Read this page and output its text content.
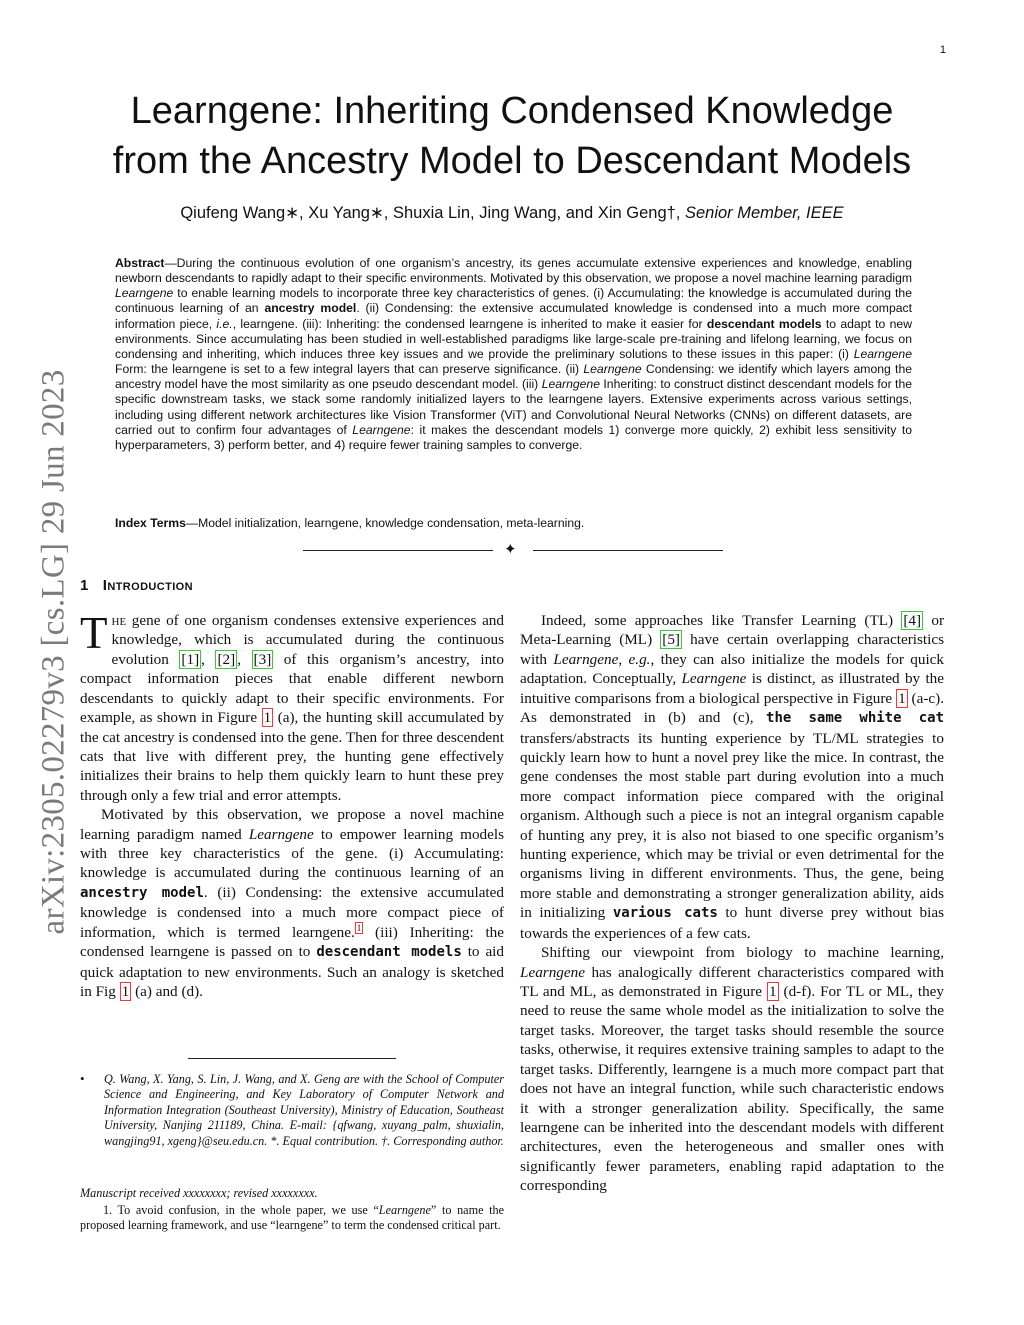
1
arXiv:2305.02279v3 [cs.LG] 29 Jun 2023
Learngene: Inheriting Condensed Knowledge
from the Ancestry Model to Descendant Models
Qiufeng Wang∗, Xu Yang∗, Shuxia Lin, Jing Wang, and Xin Geng†, Senior Member, IEEE

Abstract—During the continuous evolution of one organism’s ancestry, its genes accumulate extensive experiences and knowledge, enabling newborn descendants to rapidly adapt to their specific environments. Motivated by this observation, we propose a novel machine learning paradigm Learngene to enable learning models to incorporate three key characteristics of genes. (i) Accumulating: the knowledge is accumulated during the continuous learning of an ancestry model. (ii) Condensing: the extensive accumulated knowledge is condensed into a much more compact information piece, i.e., learngene. (iii): Inheriting: the condensed learngene is inherited to make it easier for descendant models to adapt to new environments. Since accumulating has been studied in well-established paradigms like large-scale pre-training and lifelong learning, we focus on condensing and inheriting, which induces three key issues and we provide the preliminary solutions to these issues in this paper: (i) Learngene Form: the learngene is set to a few integral layers that can preserve significance. (ii) Learngene Condensing: we identify which layers among the ancestry model have the most similarity as one pseudo descendant model. (iii) Learngene Inheriting: to construct distinct descendant models for the specific downstream tasks, we stack some randomly initialized layers to the learngene layers. Extensive experiments across various settings, including using different network architectures like Vision Transformer (ViT) and Convolutional Neural Networks (CNNs) on different datasets, are carried out to confirm four advantages of Learngene: it makes the descendant models 1) converge more quickly, 2) exhibit less sensitivity to hyperparameters, 3) perform better, and 4) require fewer training samples to converge.

Index Terms—Model initialization, learngene, knowledge condensation, meta-learning.

✦
1 Introduction

The gene of one organism condenses extensive experiences and knowledge, which is accumulated during the continuous evolution [1] , [2] , [3] of this organism’s ancestry, into compact information pieces that enable different newborn descendants to quickly adapt to their specific environments. For example, as shown in Figure 1 (a), the hunting skill accumulated by the cat ancestry is condensed into the gene. Then for three descendent cats that live with different prey, the hunting gene effectively initializes their brains to help them quickly learn to hunt these prey through only a few trial and error attempts.

Motivated by this observation, we propose a novel machine learning paradigm named Learngene to empower learning models with three key characteristics of the gene. (i) Accumulating: knowledge is accumulated during the continuous learning of an ancestry model. (ii) Condensing: the extensive accumulated knowledge is condensed into a much more compact piece of information, which is termed learngene. $^1$ (iii) Inheriting: the condensed learngene is passed on to descendant models to aid quick adaptation to new environments. Such an analogy is sketched in Fig 1 (a) and (d).

Indeed, some approaches like Transfer Learning (TL) [4] or Meta-Learning (ML) [5] have certain overlapping characteristics with Learngene, e.g., they can also initialize the models for quick adaptation. Conceptually, Learngene is distinct, as illustrated by the intuitive comparisons from a biological perspective in Figure 1 (a-c). As demonstrated in (b) and (c), the same white cat transfers/abstracts its hunting experience by TL/ML strategies to quickly learn how to hunt a novel prey like the mice. In contrast, the gene condenses the most stable part during evolution into a much more compact information piece compared with the original organism. Although such a piece is not an integral organism capable of hunting any prey, it is also not biased to one specific organism’s hunting experience, which may be trivial or even detrimental for the organisms living in different environments. Thus, the gene, being more stable and demonstrating a stronger generalization ability, aids in initializing various cats to hunt diverse prey without bias towards the experiences of a few cats.

Shifting our viewpoint from biology to machine learning, Learngene has analogically different characteristics compared with TL and ML, as demonstrated in Figure 1 (d-f). For TL or ML, they need to reuse the same whole model as the initialization to solve the target tasks. Moreover, the target tasks should resemble the source tasks, otherwise, it requires extensive training samples to adapt to the target tasks. Differently, learngene is a much more compact part that does not have an integral function, while such characteristic endows it with a stronger generalization ability. Specifically, the same learngene can be inherited into the descendant models with different architectures, even the heterogeneous and smaller ones with significantly fewer parameters, enabling rapid adaptation to the corresponding

• Q. Wang, X. Yang, S. Lin, J. Wang, and X. Geng are with the School of Computer Science and Engineering, and Key Laboratory of Computer Network and Information Integration (Southeast University), Ministry of Education, Southeast University, Nanjing 211189, China. E-mail: {qfwang, xuyang_palm, shuxialin, wangjing91, xgeng}@seu.edu.cn. *. Equal contribution. †. Corresponding author.
Manuscript received xxxxxxxx; revised xxxxxxxx.
1. To avoid confusion, in the whole paper, we use “Learngene” to name the proposed learning framework, and use “learngene” to term the condensed critical part.
